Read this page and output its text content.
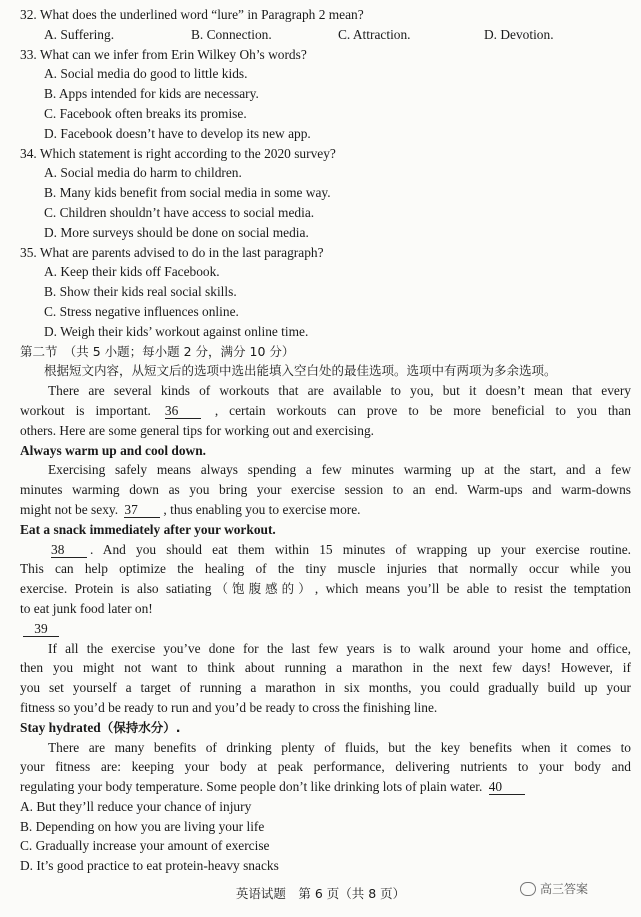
32. What does the underlined word “lure” in Paragraph 2 mean?
A. Suffering.	B. Connection.	C. Attraction.	D. Devotion.
33. What can we infer from Erin Wilkey Oh’s words?
A. Social media do good to little kids.
B. Apps intended for kids are necessary.
C. Facebook often breaks its promise.
D. Facebook doesn’t have to develop its new app.
34. Which statement is right according to the 2020 survey?
A. Social media do harm to children.
B. Many kids benefit from social media in some way.
C. Children shouldn’t have access to social media.
D. More surveys should be done on social media.
35. What are parents advised to do in the last paragraph?
A. Keep their kids off Facebook.
B. Show their kids real social skills.
C. Stress negative influences online.
D. Weigh their kids’ workout against online time.
第二节　（共 5 小题；每小题 2 分，满分 10 分）
根据短文内容，从短文后的选项中选出能填入空白处的最佳选项。选项中有两项为多余选项。
There are several kinds of workouts that are available to you, but it doesn’t mean that every
workout is important. 36	, certain workouts can prove to be more beneficial to you than
others. Here are some general tips for working out and exercising.
Always warm up and cool down.
Exercising safely means always spending a few minutes warming up at the start, and a few
minutes warming down as you bring your exercise session to an end. Warm-ups and warm-downs
might not be sexy. 37 , thus enabling you to exercise more.
Eat a snack immediately after your workout.
38 . And you should eat them within 15 minutes of wrapping up your exercise routine.
This can help optimize the healing of the tiny muscle injuries that normally occur while you
exercise. Protein is also satiating（饱腹感的）, which means you’ll be able to resist the temptation
to eat junk food later on!
39
If all the exercise you’ve done for the last few years is to walk around your home and office,
then you might not want to think about running a marathon in the next few days! However, if
you set yourself a target of running a marathon in six months, you could gradually build up your
fitness so you’d be ready to run and you’d be ready to cross the finishing line.
Stay hydrated（保持水分）.
There are many benefits of drinking plenty of fluids, but the key benefits when it comes to
your fitness are: keeping your body at peak performance, delivering nutrients to your body and
regulating your body temperature. Some people don’t like drinking lots of plain water. 40
A. But they’ll reduce your chance of injury
B. Depending on how you are living your life
C. Gradually increase your amount of exercise
D. It’s good practice to eat protein-heavy snacks
英语试题　第 6 页（共 8 页）	高三答案
